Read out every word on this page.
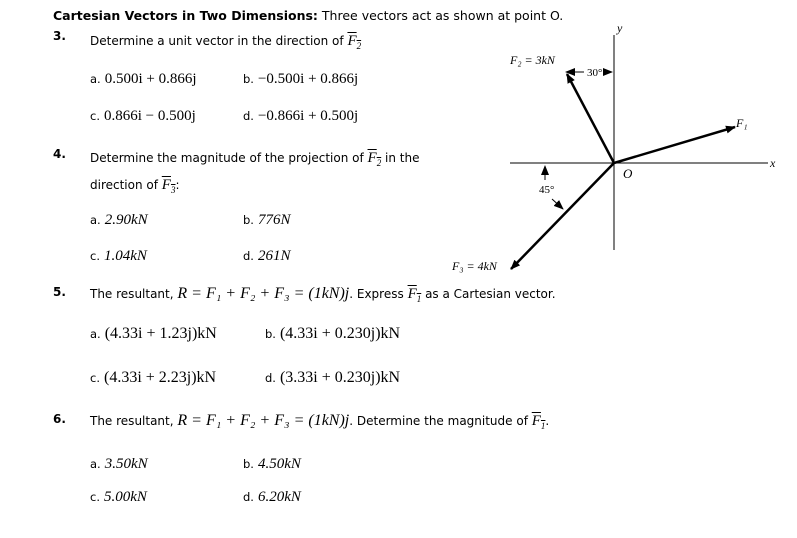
Cartesian Vectors in Two Dimensions: Three vectors act as shown at point O.
3. Determine a unit vector in the direction of $F_2$
a. 0.500i + 0.866j	b. −0.500i + 0.866j
c. 0.866i − 0.500j	d. −0.866i + 0.500j
4. Determine the magnitude of the projection of $F_2$ in the
direction of $F_3$:
a. 2.90kN	b. 776N
c. 1.04kN	d. 261N
5. The resultant, R = F₁ + F₂ + F₃ = (1kN)j. Express $F_1$ as a Cartesian vector.
a. (4.33i + 1.23j)kN	b. (4.33i + 0.230j)kN
c. (4.33i + 2.23j)kN	d. (3.33i + 0.230j)kN
6. The resultant, R = F₁ + F₂ + F₃ = (1kN)j. Determine the magnitude of $F_1$.
a. 3.50kN	b. 4.50kN
c. 5.00kN	d. 6.20kN
y
x
O
F₁
F₂ = 3kN
30°
F₃ = 4kN
45°
